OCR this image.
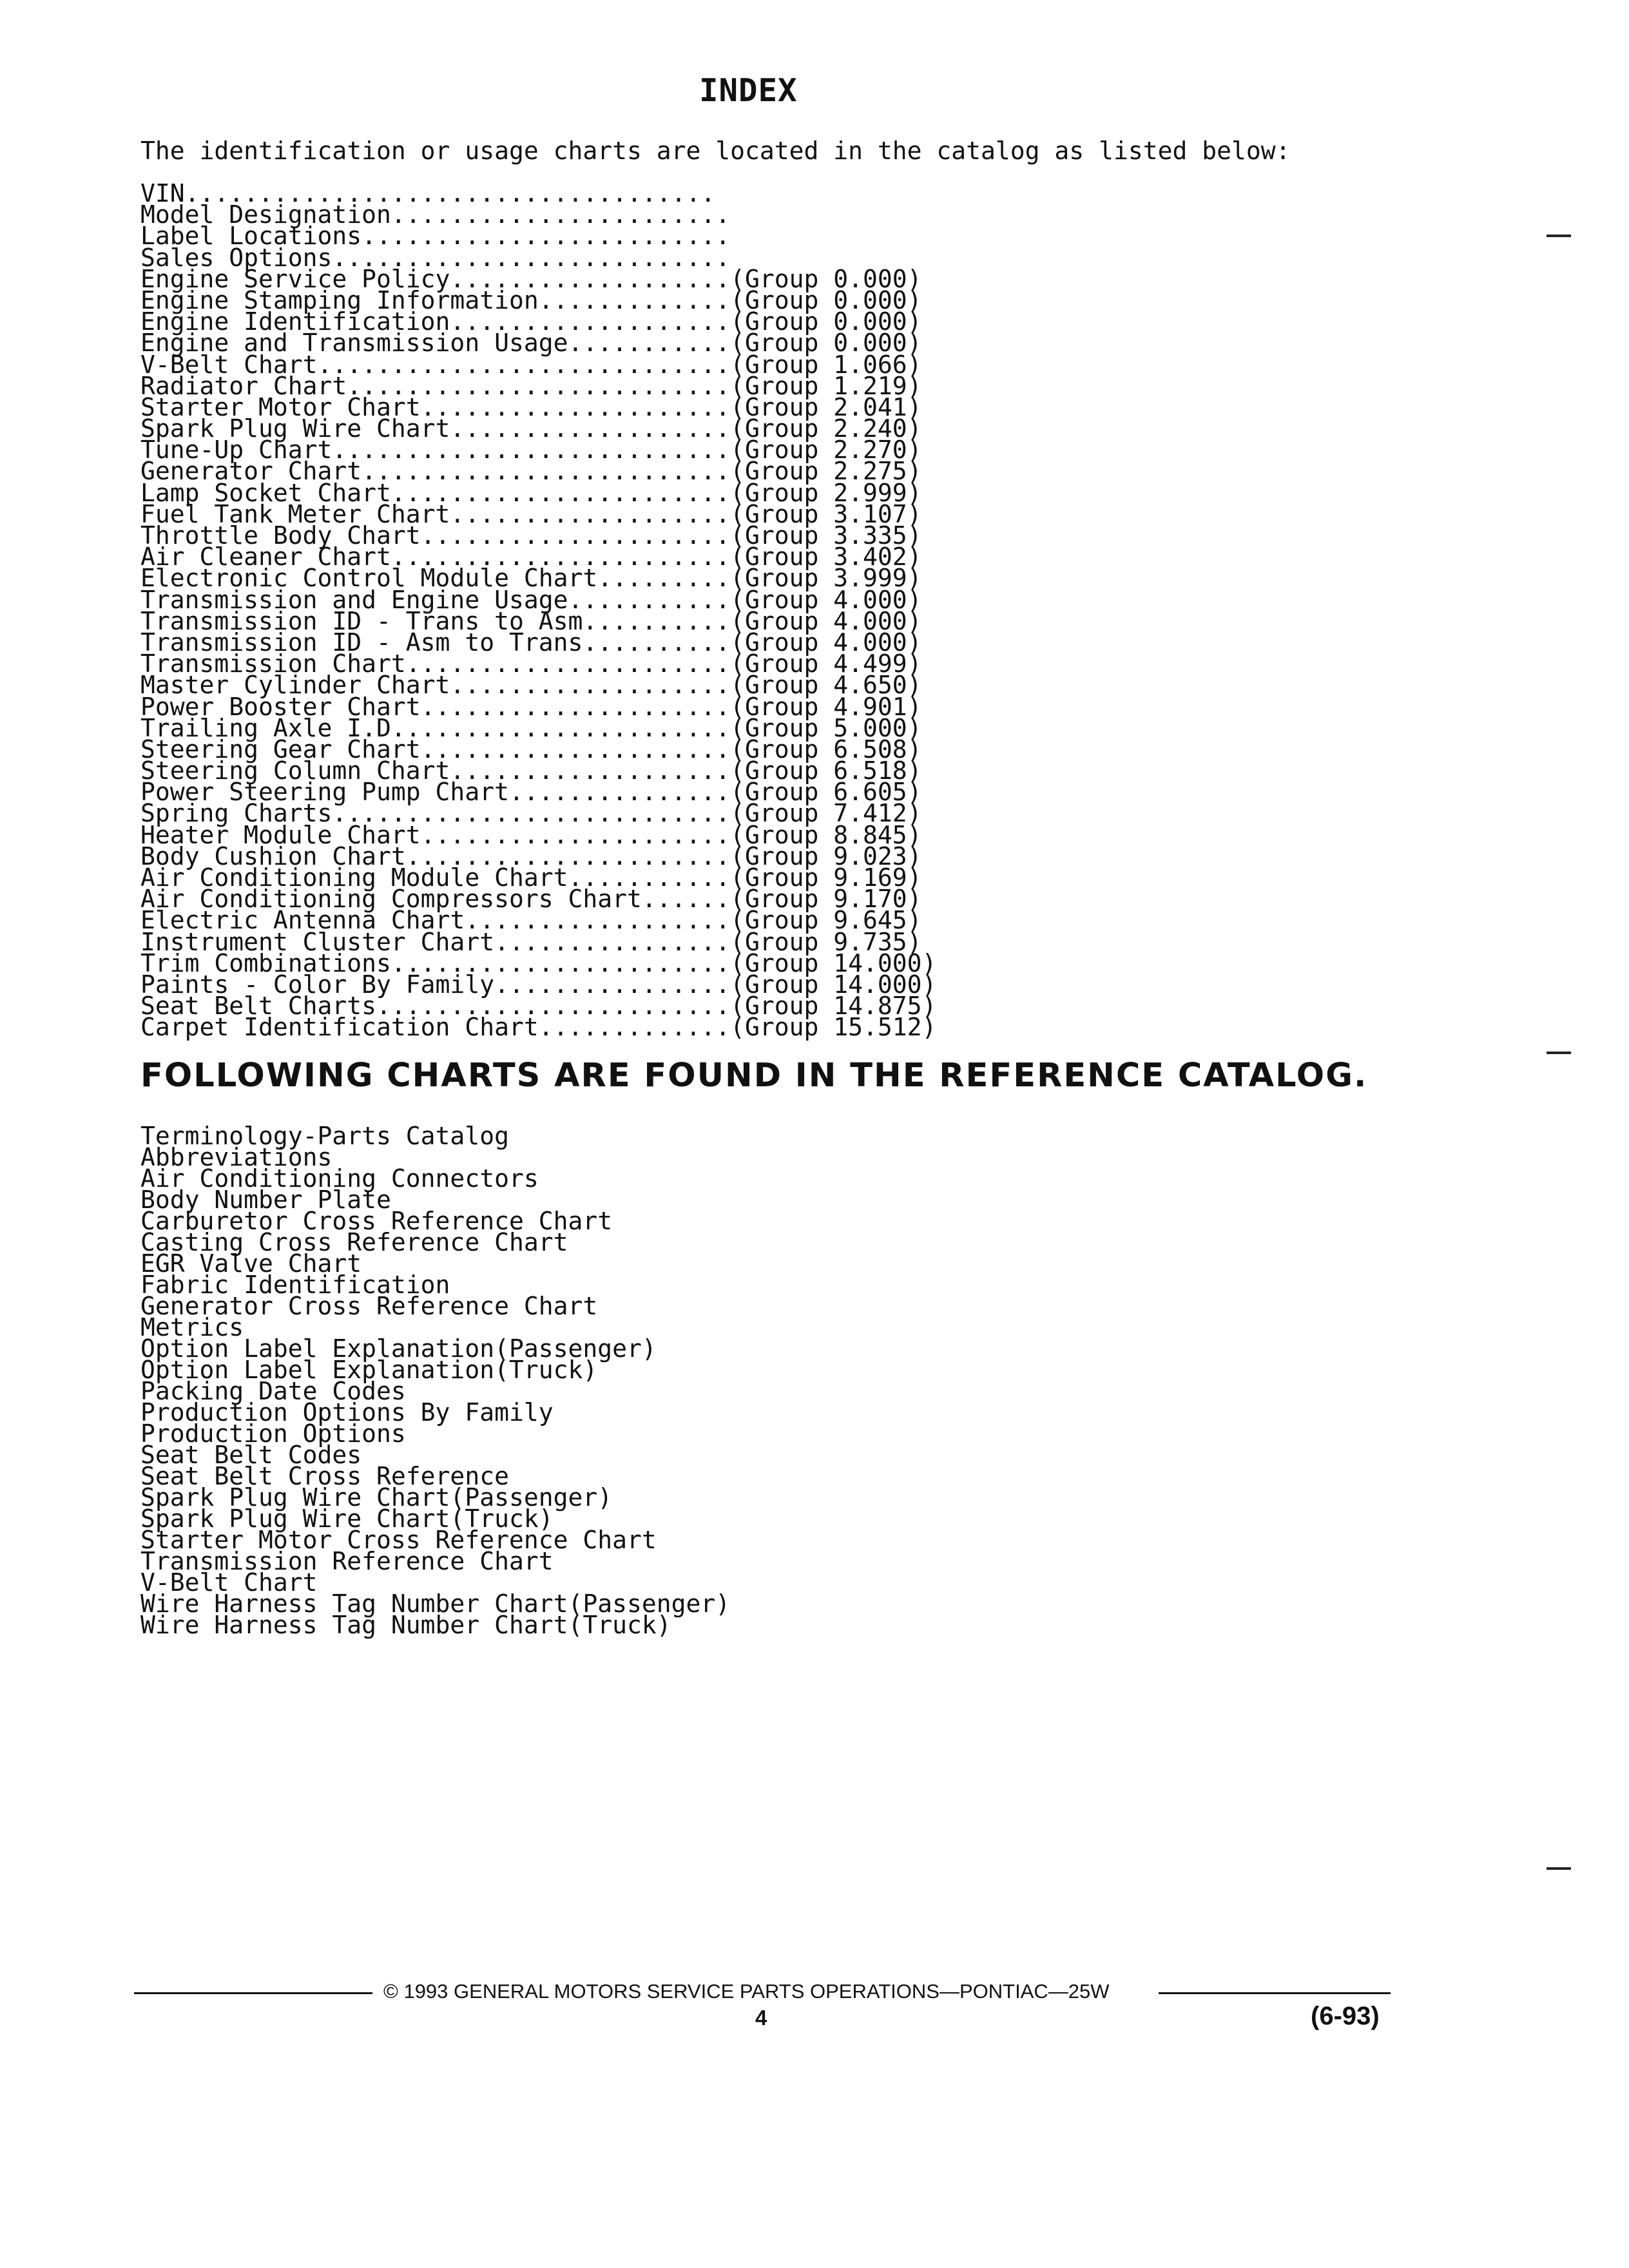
INDEX
The identification or usage charts are located in the catalog as listed below:
VIN....................................
Model Designation.......................
Label Locations.........................
Sales Options...........................
Engine Service Policy...................(Group 0.000)
Engine Stamping Information.............(Group 0.000)
Engine Identification...................(Group 0.000)
Engine and Transmission Usage...........(Group 0.000)
V-Belt Chart............................(Group 1.066)
Radiator Chart..........................(Group 1.219)
Starter Motor Chart.....................(Group 2.041)
Spark Plug Wire Chart...................(Group 2.240)
Tune-Up Chart...........................(Group 2.270)
Generator Chart.........................(Group 2.275)
Lamp Socket Chart.......................(Group 2.999)
Fuel Tank Meter Chart...................(Group 3.107)
Throttle Body Chart.....................(Group 3.335)
Air Cleaner Chart.......................(Group 3.402)
Electronic Control Module Chart.........(Group 3.999)
Transmission and Engine Usage...........(Group 4.000)
Transmission ID - Trans to Asm..........(Group 4.000)
Transmission ID - Asm to Trans..........(Group 4.000)
Transmission Chart......................(Group 4.499)
Master Cylinder Chart...................(Group 4.650)
Power Booster Chart.....................(Group 4.901)
Trailing Axle I.D.......................(Group 5.000)
Steering Gear Chart.....................(Group 6.508)
Steering Column Chart...................(Group 6.518)
Power Steering Pump Chart...............(Group 6.605)
Spring Charts...........................(Group 7.412)
Heater Module Chart.....................(Group 8.845)
Body Cushion Chart......................(Group 9.023)
Air Conditioning Module Chart...........(Group 9.169)
Air Conditioning Compressors Chart......(Group 9.170)
Electric Antenna Chart..................(Group 9.645)
Instrument Cluster Chart................(Group 9.735)
Trim Combinations.......................(Group 14.000)
Paints - Color By Family................(Group 14.000)
Seat Belt Charts........................(Group 14.875)
Carpet Identification Chart.............(Group 15.512)
FOLLOWING CHARTS ARE FOUND IN THE REFERENCE CATALOG.
Terminology-Parts Catalog
Abbreviations
Air Conditioning Connectors
Body Number Plate
Carburetor Cross Reference Chart
Casting Cross Reference Chart
EGR Valve Chart
Fabric Identification
Generator Cross Reference Chart
Metrics
Option Label Explanation(Passenger)
Option Label Explanation(Truck)
Packing Date Codes
Production Options By Family
Production Options
Seat Belt Codes
Seat Belt Cross Reference
Spark Plug Wire Chart(Passenger)
Spark Plug Wire Chart(Truck)
Starter Motor Cross Reference Chart
Transmission Reference Chart
V-Belt Chart
Wire Harness Tag Number Chart(Passenger)
Wire Harness Tag Number Chart(Truck)
© 1993 GENERAL MOTORS SERVICE PARTS OPERATIONS—PONTIAC—25W
4	(6-93)
